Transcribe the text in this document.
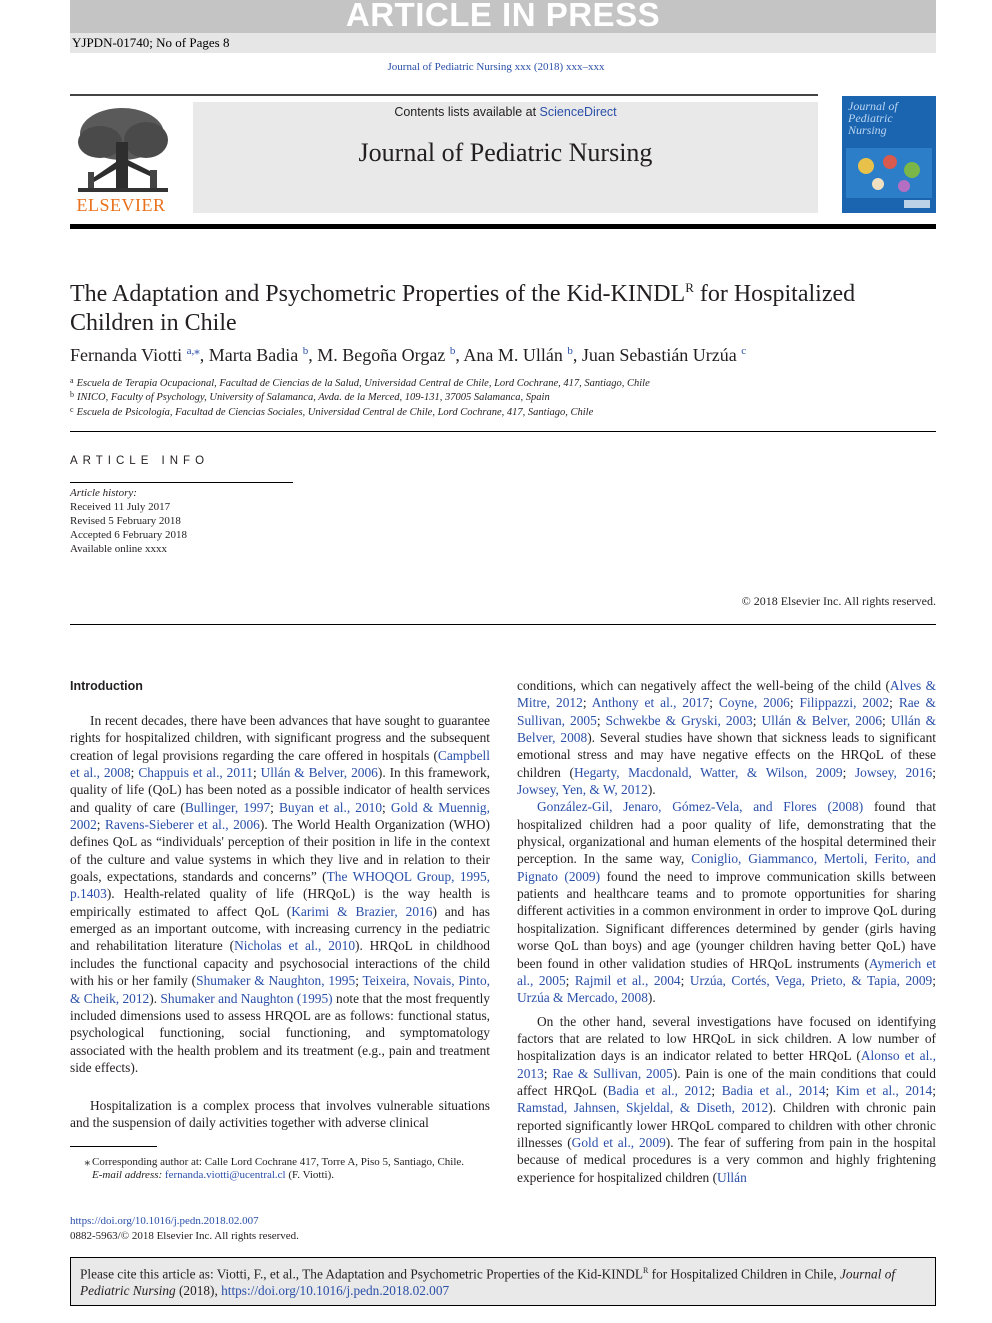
ARTICLE IN PRESS
YJPDN-01740; No of Pages 8
Journal of Pediatric Nursing xxx (2018) xxx–xxx
ELSEVIER
Contents lists available at ScienceDirect
Journal of Pediatric Nursing
Journal of
Pediatric
Nursing
The Adaptation and Psychometric Properties of the Kid-$KINDL^R$ for Hospitalized
Children in Chile
Fernanda Viotti $^{a,⁎}$, Marta Badia $^b$, M. Begoña Orgaz $^b$, Ana M. Ullán $^b$, Juan Sebastián Urzúa $^c$
$^a$ Escuela de Terapia Ocupacional, Facultad de Ciencias de la Salud, Universidad Central de Chile, Lord Cochrane, 417, Santiago, Chile
$^b$ INICO, Faculty of Psychology, University of Salamanca, Avda. de la Merced, 109-131, 37005 Salamanca, Spain
$^c$ Escuela de Psicología, Facultad de Ciencias Sociales, Universidad Central de Chile, Lord Cochrane, 417, Santiago, Chile
ARTICLE INFO
Article history:
Received 11 July 2017
Revised 5 February 2018
Accepted 6 February 2018
Available online xxxx
© 2018 Elsevier Inc. All rights reserved.
Introduction

In recent decades, there have been advances that have sought to guarantee rights for hospitalized children, with significant progress and the subsequent creation of legal provisions regarding the care offered in hospitals (Campbell et al., 2008; Chappuis et al., 2011; Ullán & Belver, 2006). In this framework, quality of life (QoL) has been noted as a possible indicator of health services and quality of care (Bullinger, 1997; Buyan et al., 2010; Gold & Muennig, 2002; Ravens-Sieberer et al., 2006). The World Health Organization (WHO) defines QoL as “individuals' perception of their position in life in the context of the culture and value systems in which they live and in relation to their goals, expectations, standards and concerns” (The WHOQOL Group, 1995, p.1403). Health-related quality of life (HRQoL) is the way health is empirically estimated to affect QoL (Karimi & Brazier, 2016) and has emerged as an important outcome, with increasing currency in the pediatric and rehabilitation literature (Nicholas et al., 2010). HRQoL in childhood includes the functional capacity and psychosocial interactions of the child with his or her family (Shumaker & Naughton, 1995; Teixeira, Novais, Pinto, & Cheik, 2012). Shumaker and Naughton (1995) note that the most frequently included dimensions used to assess HRQOL are as follows: functional status, psychological functioning, social functioning, and symptomatology associated with the health problem and its treatment (e.g., pain and treatment side effects).

Hospitalization is a complex process that involves vulnerable situations and the suspension of daily activities together with adverse clinical

conditions, which can negatively affect the well-being of the child (Alves & Mitre, 2012; Anthony et al., 2017; Coyne, 2006; Filippazzi, 2002; Rae & Sullivan, 2005; Schwekbe & Gryski, 2003; Ullán & Belver, 2006; Ullán & Belver, 2008). Several studies have shown that sickness leads to significant emotional stress and may have negative effects on the HRQoL of these children (Hegarty, Macdonald, Watter, & Wilson, 2009; Jowsey, 2016; Jowsey, Yen, & W, 2012).

González-Gil, Jenaro, Gómez-Vela, and Flores (2008) found that hospitalized children had a poor quality of life, demonstrating that the physical, organizational and human elements of the hospital determined their perception. In the same way, Coniglio, Giammanco, Mertoli, Ferito, and Pignato (2009) found the need to improve communication skills between patients and healthcare teams and to promote opportunities for sharing different activities in a common environment in order to improve QoL during hospitalization. Significant differences determined by gender (girls having worse QoL than boys) and age (younger children having better QoL) have been found in other validation studies of HRQoL instruments (Aymerich et al., 2005; Rajmil et al., 2004; Urzúa, Cortés, Vega, Prieto, & Tapia, 2009; Urzúa & Mercado, 2008).

On the other hand, several investigations have focused on identifying factors that are related to low HRQoL in sick children. A low number of hospitalization days is an indicator related to better HRQoL (Alonso et al., 2013; Rae & Sullivan, 2005). Pain is one of the main conditions that could affect HRQoL (Badia et al., 2012; Badia et al., 2014; Kim et al., 2014; Ramstad, Jahnsen, Skjeldal, & Diseth, 2012). Children with chronic pain reported significantly lower HRQoL compared to children with other chronic illnesses (Gold et al., 2009). The fear of suffering from pain in the hospital because of medical procedures is a very common and highly frightening experience for hospitalized children (Ullán

⁎ Corresponding author at: Calle Lord Cochrane 417, Torre A, Piso 5, Santiago, Chile.
E-mail address: fernanda.viotti@ucentral.cl (F. Viotti).
https://doi.org/10.1016/j.pedn.2018.02.007
0882-5963/© 2018 Elsevier Inc. All rights reserved.
Please cite this article as: Viotti, F., et al., The Adaptation and Psychometric Properties of the Kid-$KINDL^R$ for Hospitalized Children in Chile, Journal of Pediatric Nursing (2018), https://doi.org/10.1016/j.pedn.2018.02.007
